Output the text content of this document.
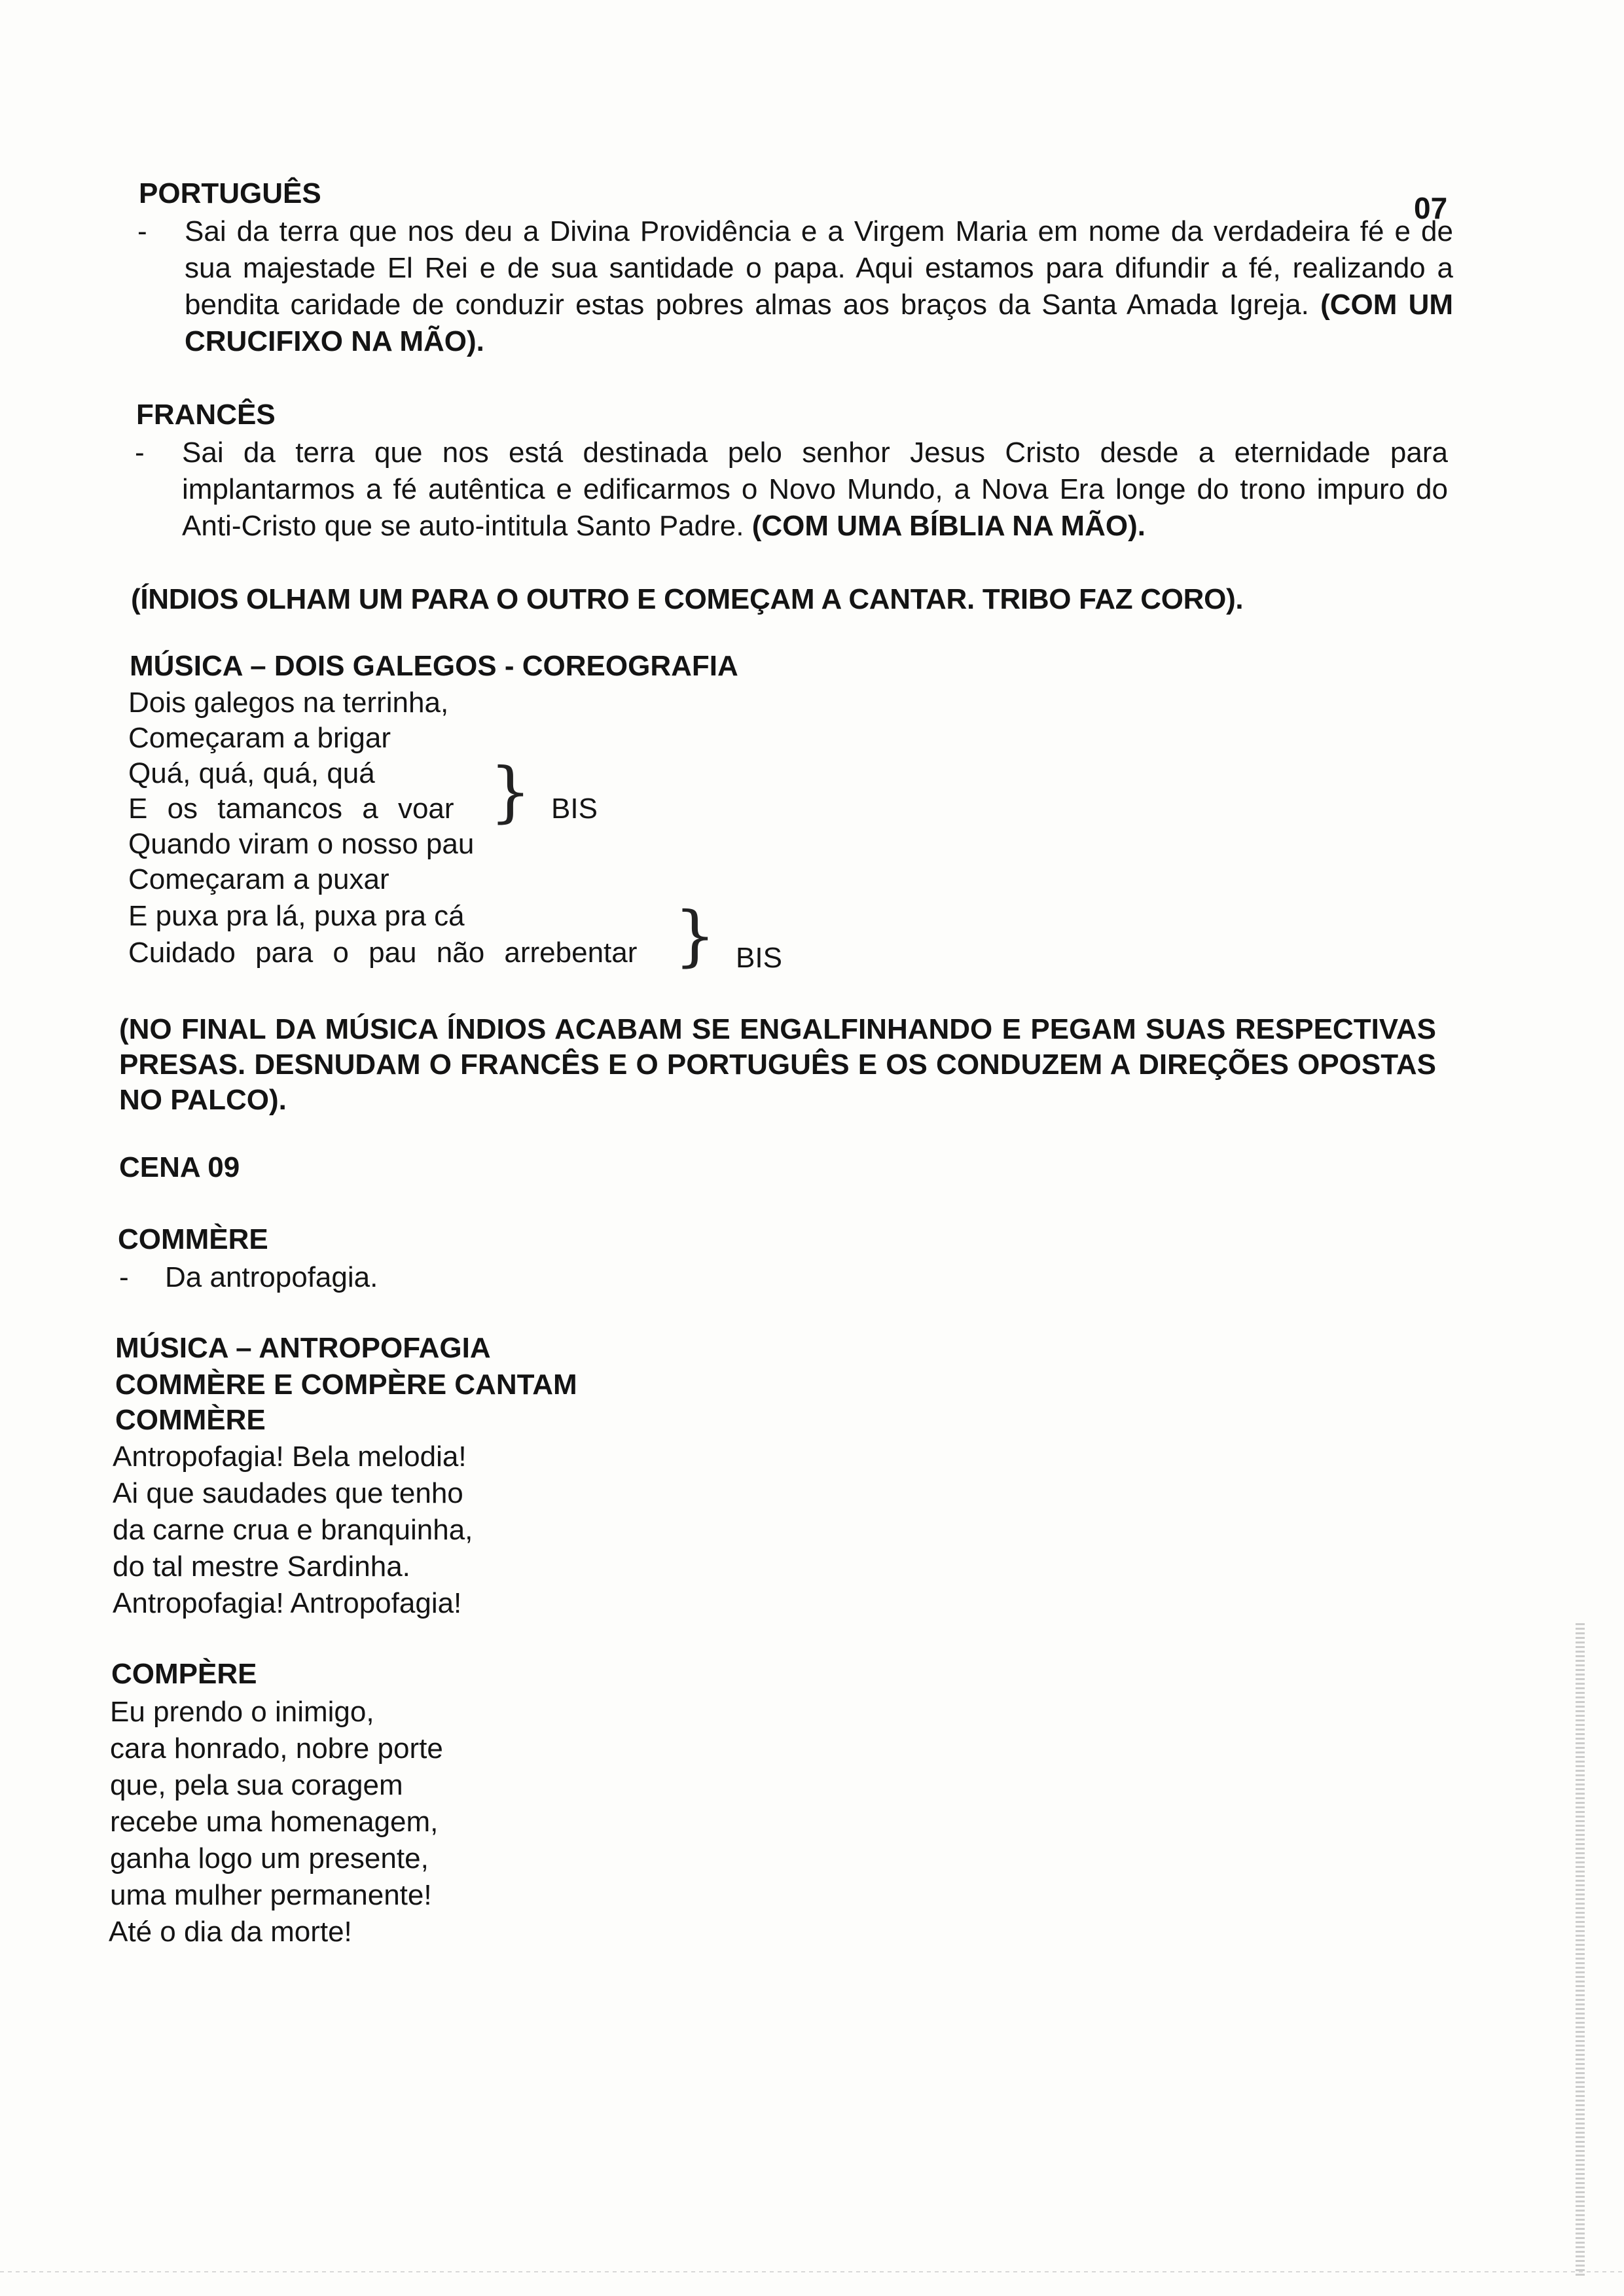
07
PORTUGUÊS
- Sai da terra que nos deu a Divina Providência e a Virgem Maria em nome da verdadeira fé e de sua majestade El Rei e de sua santidade o papa. Aqui estamos para difundir a fé, realizando a bendita caridade de conduzir estas pobres almas aos braços da Santa Amada Igreja. (COM UM CRUCIFIXO NA MÃO).

FRANCÊS
- Sai da terra que nos está destinada pelo senhor Jesus Cristo desde a eternidade para implantarmos a fé autêntica e edificarmos o Novo Mundo, a Nova Era longe do trono impuro do Anti-Cristo que se auto-intitula Santo Padre. (COM UMA BÍBLIA NA MÃO).

(ÍNDIOS OLHAM UM PARA O OUTRO E COMEÇAM A CANTAR. TRIBO FAZ CORO).
MÚSICA – DOIS GALEGOS - COREOGRAFIA
Dois galegos na terrinha,
Começaram a brigar
Quá, quá, quá, quá
E os tamancos a voar } BIS
Quando viram o nosso pau
Começaram a puxar
E puxa pra lá, puxa pra cá
Cuidado para o pau não arrebentar } BIS

(NO FINAL DA MÚSICA ÍNDIOS ACABAM SE ENGALFINHANDO E PEGAM SUAS RESPECTIVAS PRESAS. DESNUDAM O FRANCÊS E O PORTUGUÊS E OS CONDUZEM A DIREÇÕES OPOSTAS NO PALCO).

CENA 09
COMMÈRE
- Da antropofagia.
MÚSICA – ANTROPOFAGIA
COMMÈRE E COMPÈRE CANTAM
COMMÈRE
Antropofagia! Bela melodia!
Ai que saudades que tenho
da carne crua e branquinha,
do tal mestre Sardinha.
Antropofagia! Antropofagia!
COMPÈRE
Eu prendo o inimigo,
cara honrado, nobre porte
que, pela sua coragem
recebe uma homenagem,
ganha logo um presente,
uma mulher permanente!
Até o dia da morte!
